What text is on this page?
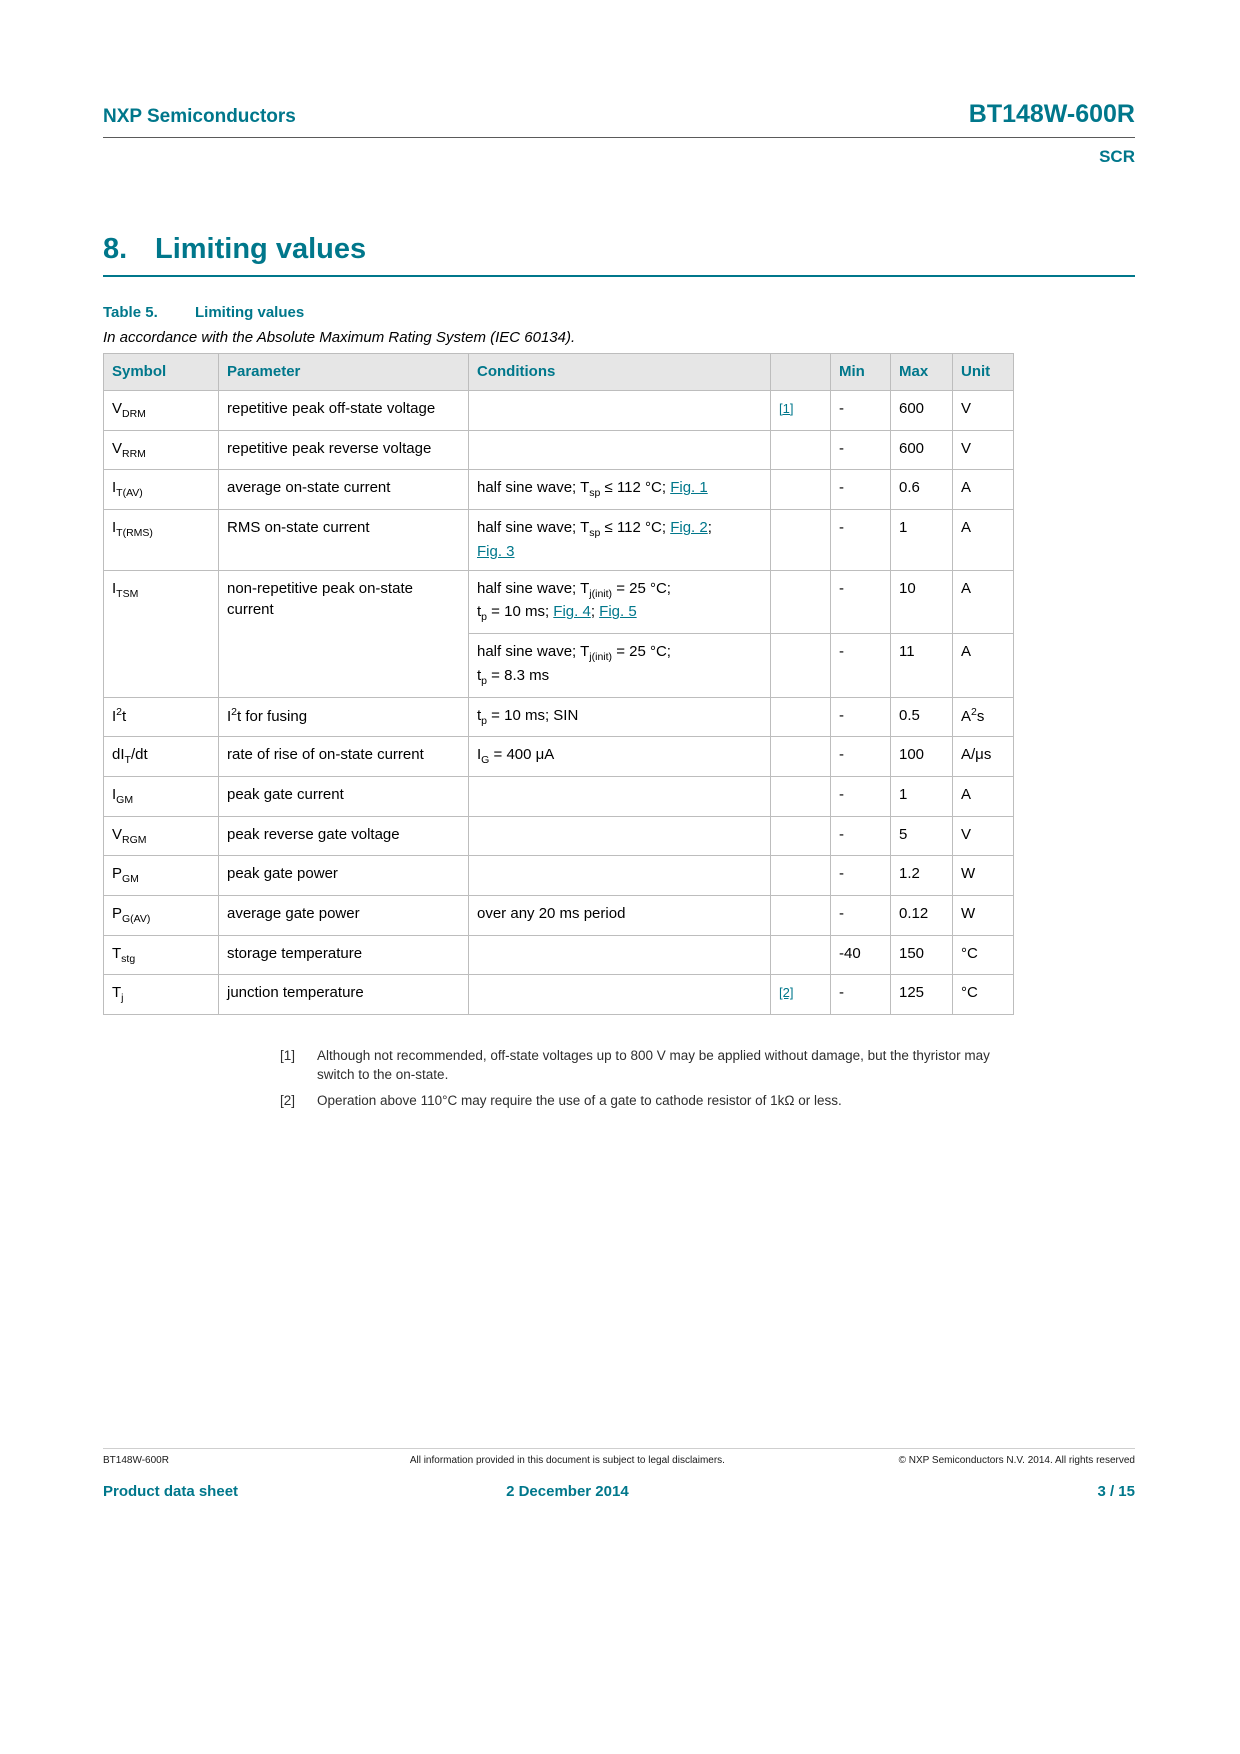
NXP Semiconductors	BT148W-600R
SCR
8. Limiting values

Table 5. Limiting values

In accordance with the Absolute Maximum Rating System (IEC 60134).

Symbol	Parameter	Conditions		Min	Max	Unit
$V_{DRM}$	repetitive peak off-state voltage		[1]	-	600	V
$V_{RRM}$	repetitive peak reverse voltage			-	600	V
$I_{T(AV)}$	average on-state current	half sine wave; $T_{sp} \le 112$ °C; Fig. 1		-	0.6	A
$I_{T(RMS)}$	RMS on-state current	half sine wave; $T_{sp} \le 112$ °C; Fig. 2;
Fig. 3		-	1	A
$I_{TSM}$	non-repetitive peak on-state current	half sine wave; $T_{j(init)} = 25$ °C;
$t_p = 10$ ms; Fig. 4; Fig. 5		-	10	A
		half sine wave; $T_{j(init)} = 25$ °C;
$t_p = 8.3$ ms		-	11	A
$I^2t$	$I^2t$ for fusing	$t_p = 10$ ms; SIN		-	0.5	$A^2s$
$dI_T/dt$	rate of rise of on-state current	$I_G = 400$ μA		-	100	A/μs
$I_{GM}$	peak gate current			-	1	A
$V_{RGM}$	peak reverse gate voltage			-	5	V
$P_{GM}$	peak gate power			-	1.2	W
$P_{G(AV)}$	average gate power	over any 20 ms period		-	0.12	W
$T_{stg}$	storage temperature			-40	150	°C
$T_j$	junction temperature		[2]	-	125	°C
[1]	Although not recommended, off-state voltages up to 800 V may be applied without damage, but the thyristor may switch to the on-state.
[2]	Operation above 110°C may require the use of a gate to cathode resistor of 1kΩ or less.
BT148W-600R	All information provided in this document is subject to legal disclaimers.	© NXP Semiconductors N.V. 2014. All rights reserved
Product data sheet	2 December 2014	3 / 15
